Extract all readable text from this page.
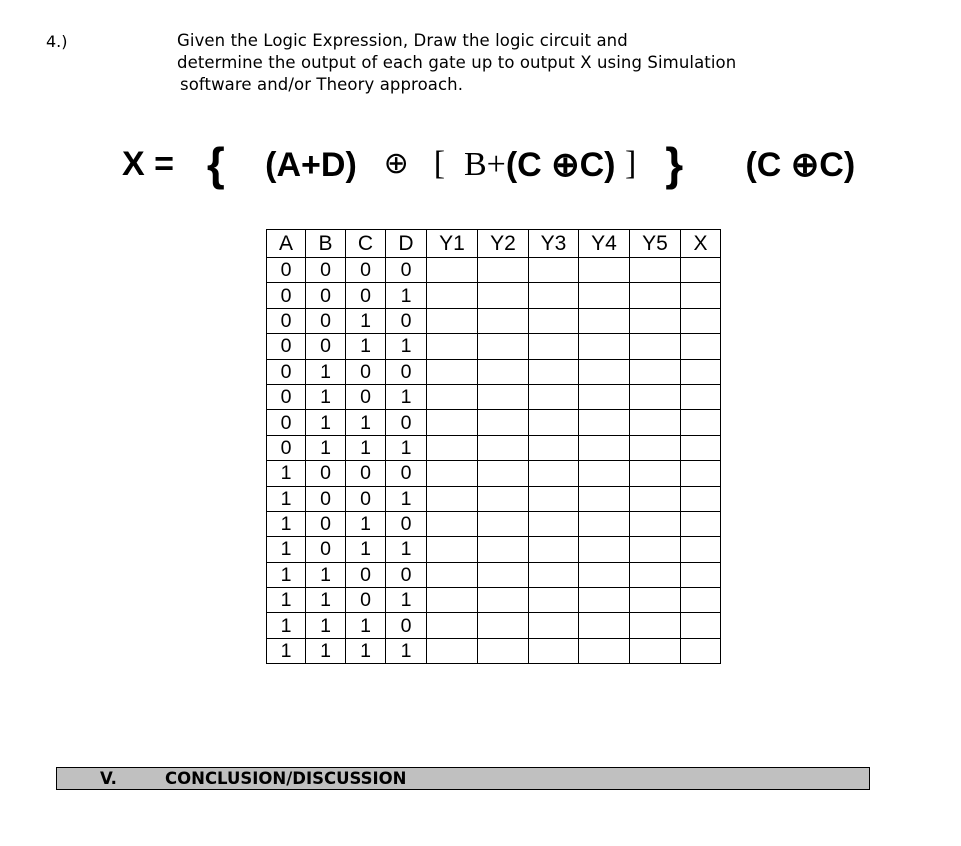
4.)	Given the Logic Expression, Draw the logic circuit and
determine the output of each gate up to output X using Simulation
software and/or Theory approach.
X = { (A+D) ⊕ [ B+(C ⊕C) ] } (C ⊕C)
A	B	C	D	Y1	Y2	Y3	Y4	Y5	X
0	0	0	0						
0	0	0	1						
0	0	1	0						
0	0	1	1						
0	1	0	0						
0	1	0	1						
0	1	1	0						
0	1	1	1						
1	0	0	0						
1	0	0	1						
1	0	1	0						
1	0	1	1						
1	1	0	0						
1	1	0	1						
1	1	1	0						
1	1	1	1						
V.	CONCLUSION/DISCUSSION
